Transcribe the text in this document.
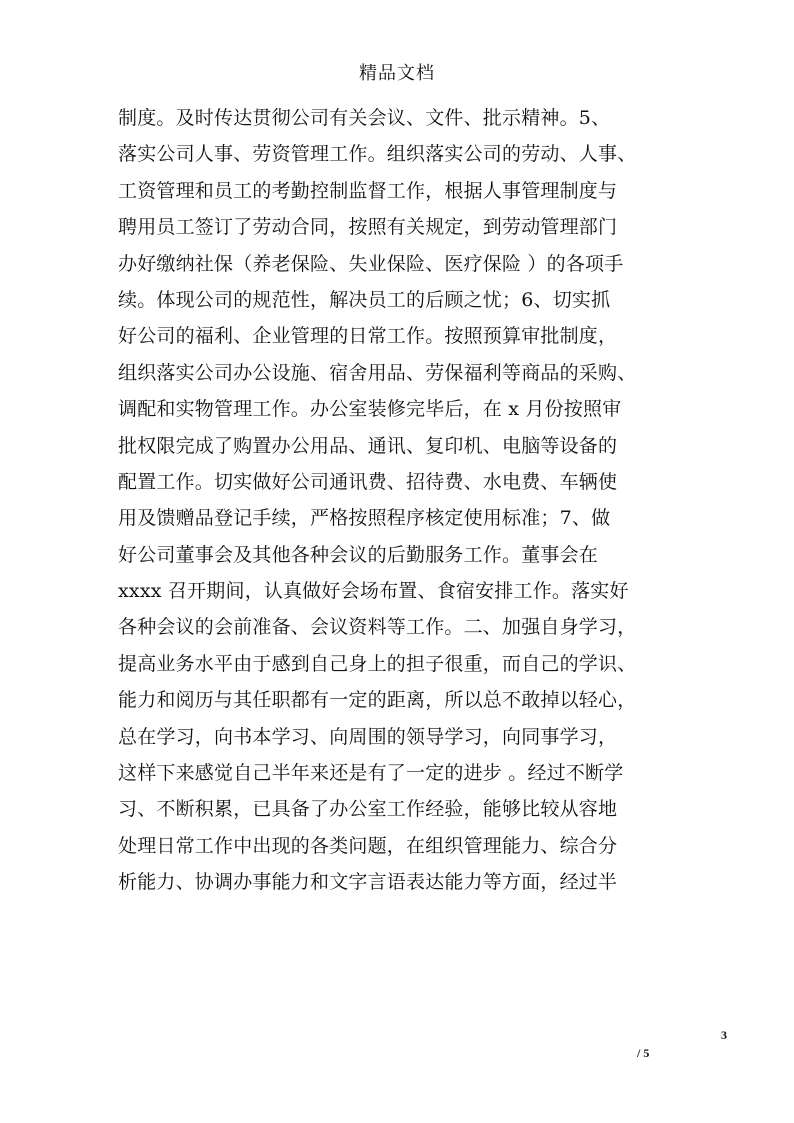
精品文档
制度。及时传达贯彻公司有关会议、文件、批示精神。5、
落实公司人事、劳资管理工作。组织落实公司的劳动、人事、
工资管理和员工的考勤控制监督工作，根据人事管理制度与
聘用员工签订了劳动合同，按照有关规定，到劳动管理部门
办好缴纳社保（养老保险、失业保险、医疗保险 ）的各项手
续。体现公司的规范性，解决员工的后顾之忧；6、切实抓
好公司的福利、企业管理的日常工作。按照预算审批制度，
组织落实公司办公设施、宿舍用品、劳保福利等商品的采购、
调配和实物管理工作。办公室装修完毕后，在 x 月份按照审
批权限完成了购置办公用品、通讯、复印机、电脑等设备的
配置工作。切实做好公司通讯费、招待费、水电费、车辆使
用及馈赠品登记手续，严格按照程序核定使用标准；7、做
好公司董事会及其他各种会议的后勤服务工作。董事会在
xxxx 召开期间，认真做好会场布置、食宿安排工作。落实好
各种会议的会前准备、会议资料等工作。二、加强自身学习，
提高业务水平由于感到自己身上的担子很重，而自己的学识、
能力和阅历与其任职都有一定的距离，所以总不敢掉以轻心，
总在学习，向书本学习、向周围的领导学习，向同事学习，
这样下来感觉自己半年来还是有了一定的进步 。经过不断学
习、不断积累，已具备了办公室工作经验，能够比较从容地
处理日常工作中出现的各类问题，在组织管理能力、综合分
析能力、协调办事能力和文字言语表达能力等方面，经过半
3
/ 5
